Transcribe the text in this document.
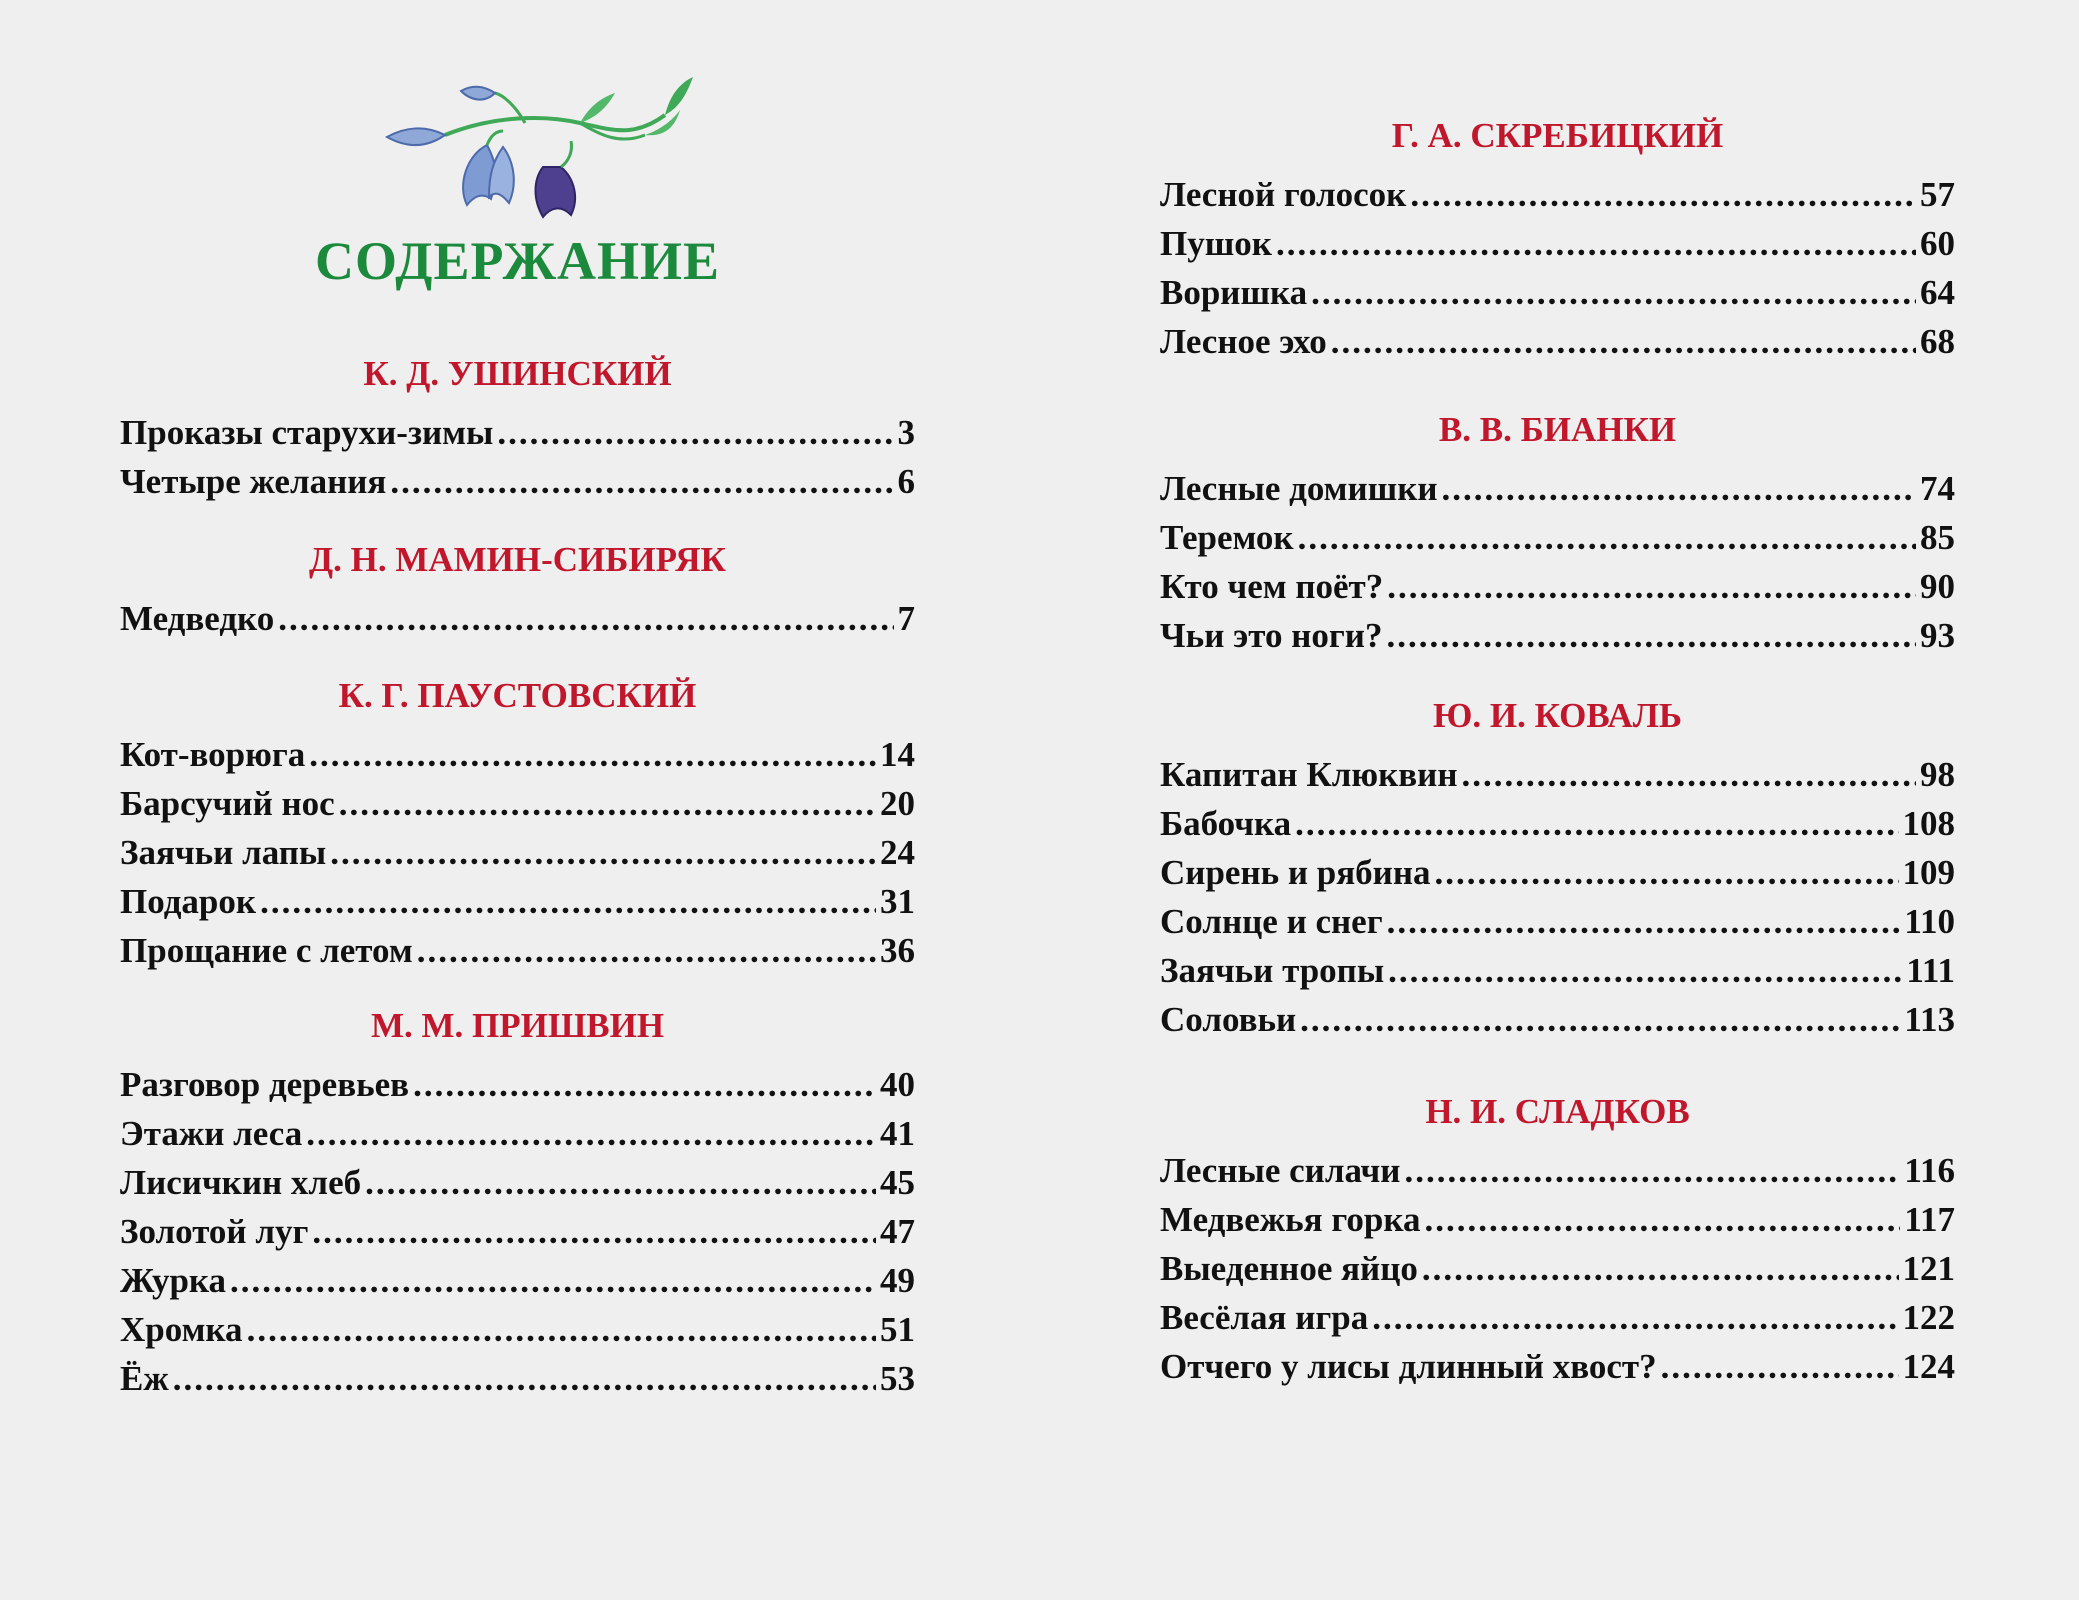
СОДЕРЖАНИЕ
К. Д. УШИНСКИЙ
Проказы старухи-зимы .....	3
Четыре желания .....	6
Д. Н. МАМИН-СИБИРЯК
Медведко .....	7
К. Г. ПАУСТОВСКИЙ
Кот-ворюга .....	14
Барсучий нос .....	20
Заячьи лапы .....	24
Подарок .....	31
Прощание с летом .....	36
М. М. ПРИШВИН
Разговор деревьев .....	40
Этажи леса .....	41
Лисичкин хлеб .....	45
Золотой луг .....	47
Журка .....	49
Хромка .....	51
Ёж .....	53
Г. А. СКРЕБИЦКИЙ
Лесной голосок .....	57
Пушок .....	60
Воришка .....	64
Лесное эхо .....	68
В. В. БИАНКИ
Лесные домишки .....	74
Теремок .....	85
Кто чем поёт? .....	90
Чьи это ноги? .....	93
Ю. И. КОВАЛЬ
Капитан Клюквин .....	98
Бабочка .....	108
Сирень и рябина .....	109
Солнце и снег .....	110
Заячьи тропы .....	111
Соловьи .....	113
Н. И. СЛАДКОВ
Лесные силачи .....	116
Медвежья горка .....	117
Выеденное яйцо .....	121
Весёлая игра .....	122
Отчего у лисы длинный хвост? .....	124
